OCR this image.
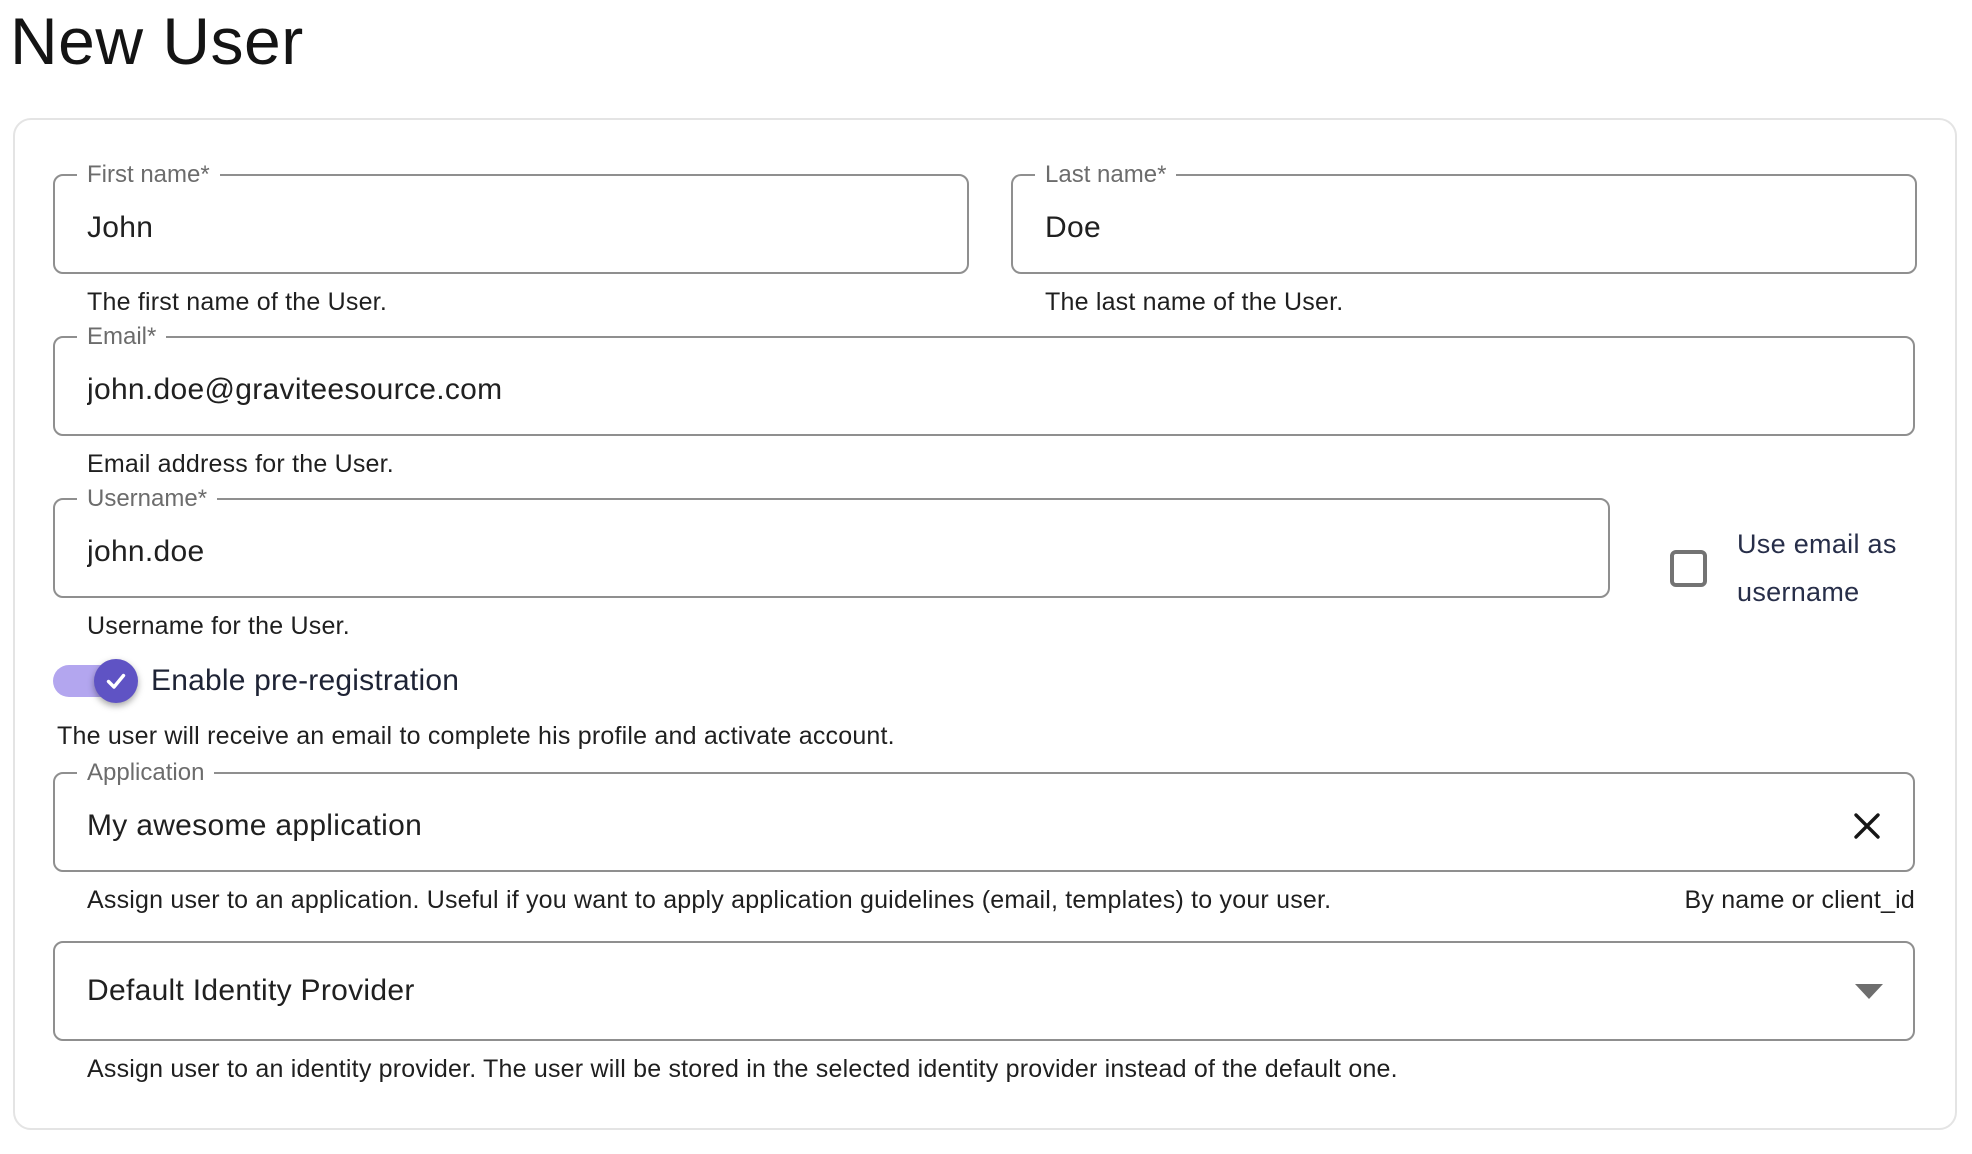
New User
First name*
John
The first name of the User.
Last name*
Doe
The last name of the User.
Email*
john.doe@graviteesource.com
Email address for the User.
Username*
john.doe
Username for the User.
Use email as username
Enable pre-registration
The user will receive an email to complete his profile and activate account.
Application
My awesome application
Assign user to an application. Useful if you want to apply application guidelines (email, templates) to your user.	By name or client_id
Default Identity Provider
Assign user to an identity provider. The user will be stored in the selected identity provider instead of the default one.
